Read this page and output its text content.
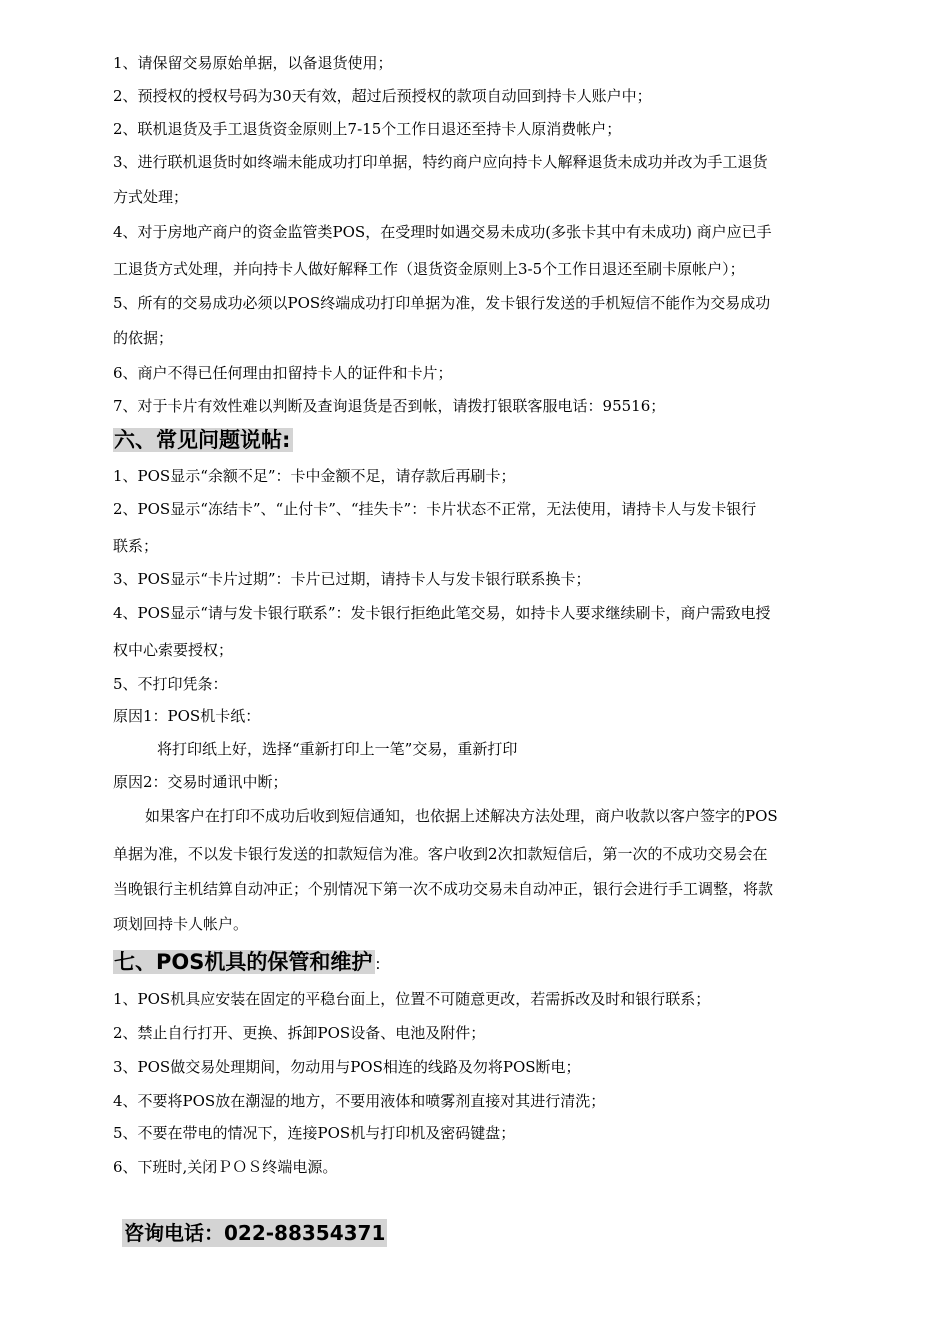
1、请保留交易原始单据，以备退货使用；
2、预授权的授权号码为30天有效，超过后预授权的款项自动回到持卡人账户中；
2、联机退货及手工退货资金原则上7-15个工作日退还至持卡人原消费帐户；
3、进行联机退货时如终端未能成功打印单据，特约商户应向持卡人解释退货未成功并改为手工退货
方式处理；
4、对于房地产商户的资金监管类POS，在受理时如遇交易未成功(多张卡其中有未成功) 商户应已手
工退货方式处理，并向持卡人做好解释工作（退货资金原则上3-5个工作日退还至刷卡原帐户）；
5、所有的交易成功必须以POS终端成功打印单据为准，发卡银行发送的手机短信不能作为交易成功
的依据；
6、商户不得已任何理由扣留持卡人的证件和卡片；
7、对于卡片有效性难以判断及查询退货是否到帐，请拨打银联客服电话：95516；
六、常见问题说帖:
1、POS显示“余额不足”：卡中金额不足，请存款后再刷卡；
2、POS显示“冻结卡”、“止付卡”、“挂失卡”：卡片状态不正常，无法使用，请持卡人与发卡银行
联系；
3、POS显示“卡片过期”：卡片已过期，请持卡人与发卡银行联系换卡；
4、POS显示“请与发卡银行联系”：发卡银行拒绝此笔交易，如持卡人要求继续刷卡，商户需致电授
权中心索要授权；
5、不打印凭条：
原因1：POS机卡纸：
将打印纸上好，选择“重新打印上一笔”交易，重新打印
原因2：交易时通讯中断；
如果客户在打印不成功后收到短信通知，也依据上述解决方法处理，商户收款以客户签字的POS
单据为准，不以发卡银行发送的扣款短信为准。客户收到2次扣款短信后，第一次的不成功交易会在
当晚银行主机结算自动冲正；个别情况下第一次不成功交易未自动冲正，银行会进行手工调整，将款
项划回持卡人帐户。
七、POS机具的保管和维护 :
1、POS机具应安装在固定的平稳台面上，位置不可随意更改，若需拆改及时和银行联系；
2、禁止自行打开、更换、拆卸POS设备、电池及附件；
3、POS做交易处理期间，勿动用与POS相连的线路及勿将POS断电；
4、不要将POS放在潮湿的地方，不要用液体和喷雾剂直接对其进行清洗；
5、不要在带电的情况下，连接POS机与打印机及密码键盘；
6、下班时,关闭ＰＯＳ终端电源。
咨询电话：022-88354371
